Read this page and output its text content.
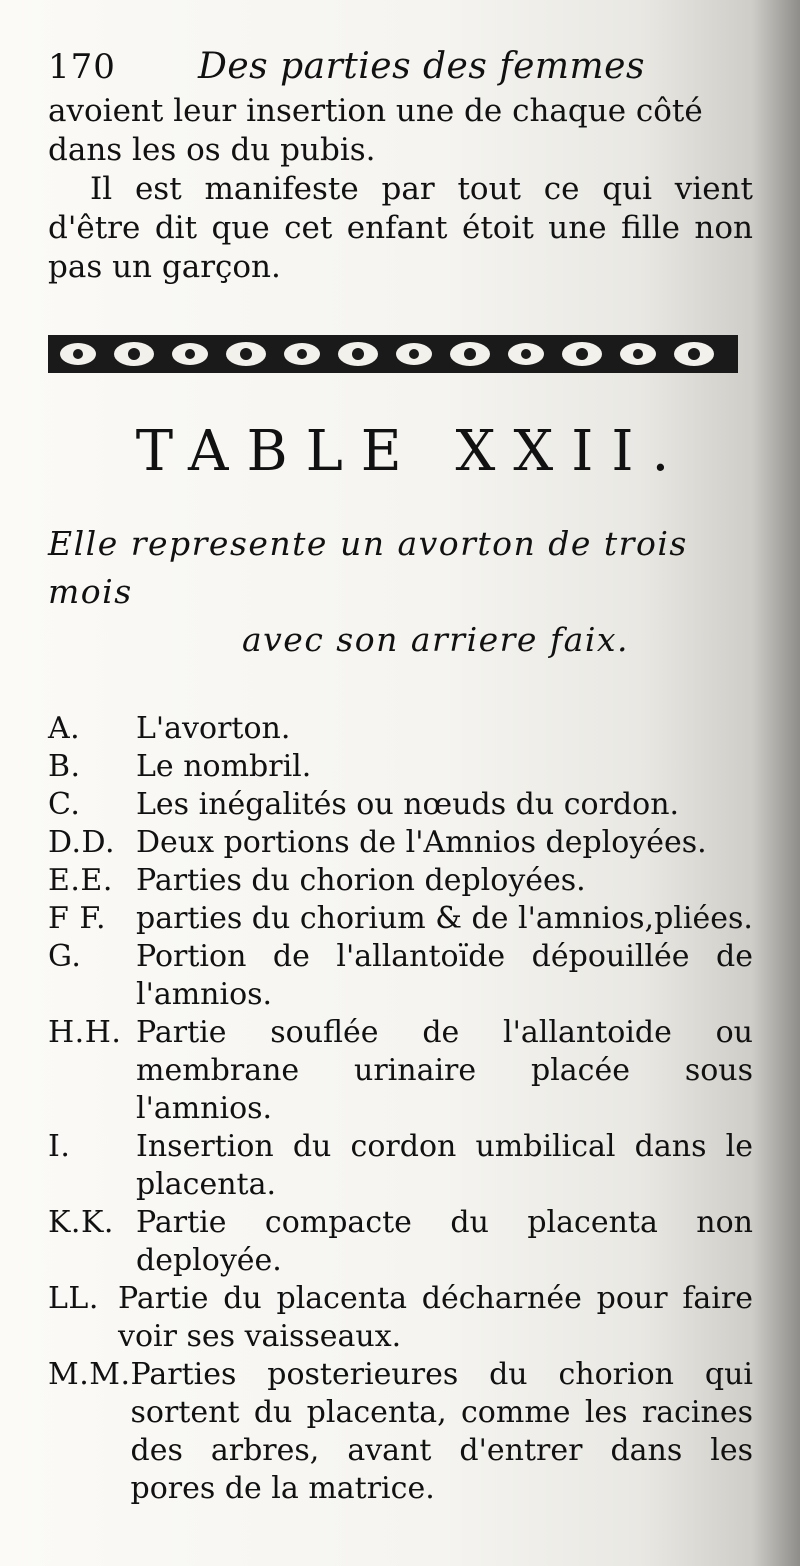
170	Des parties des femmes

avoient leur insertion une de chaque côté dans les os du pubis.

Il est manifeste par tout ce qui vient d'être dit que cet enfant étoit une fille non pas un garçon.

TABLE XXII.
Elle represente un avorton de trois mois
avec son arriere faix.
A.	L'avorton.
B.	Le nombril.
C.	Les inégalités ou nœuds du cordon.
D.D. Deux portions de l'Amnios deployées.
E.E. Parties du chorion deployées.
F F. parties du chorium & de l'amnios,pliées.
G.	Portion de l'allantoïde dépouillée de l'amnios.
H.H. Partie souflée de l'allantoide ou membrane urinaire placée sous l'amnios.
I.	Insertion du cordon umbilical dans le placenta.
K.K. Partie compacte du placenta non deployée.
LL. Partie du placenta décharnée pour faire voir ses vaisseaux.
M.M. Parties posterieures du chorion qui sortent du placenta, comme les racines des arbres, avant d'entrer dans les pores de la matrice.
